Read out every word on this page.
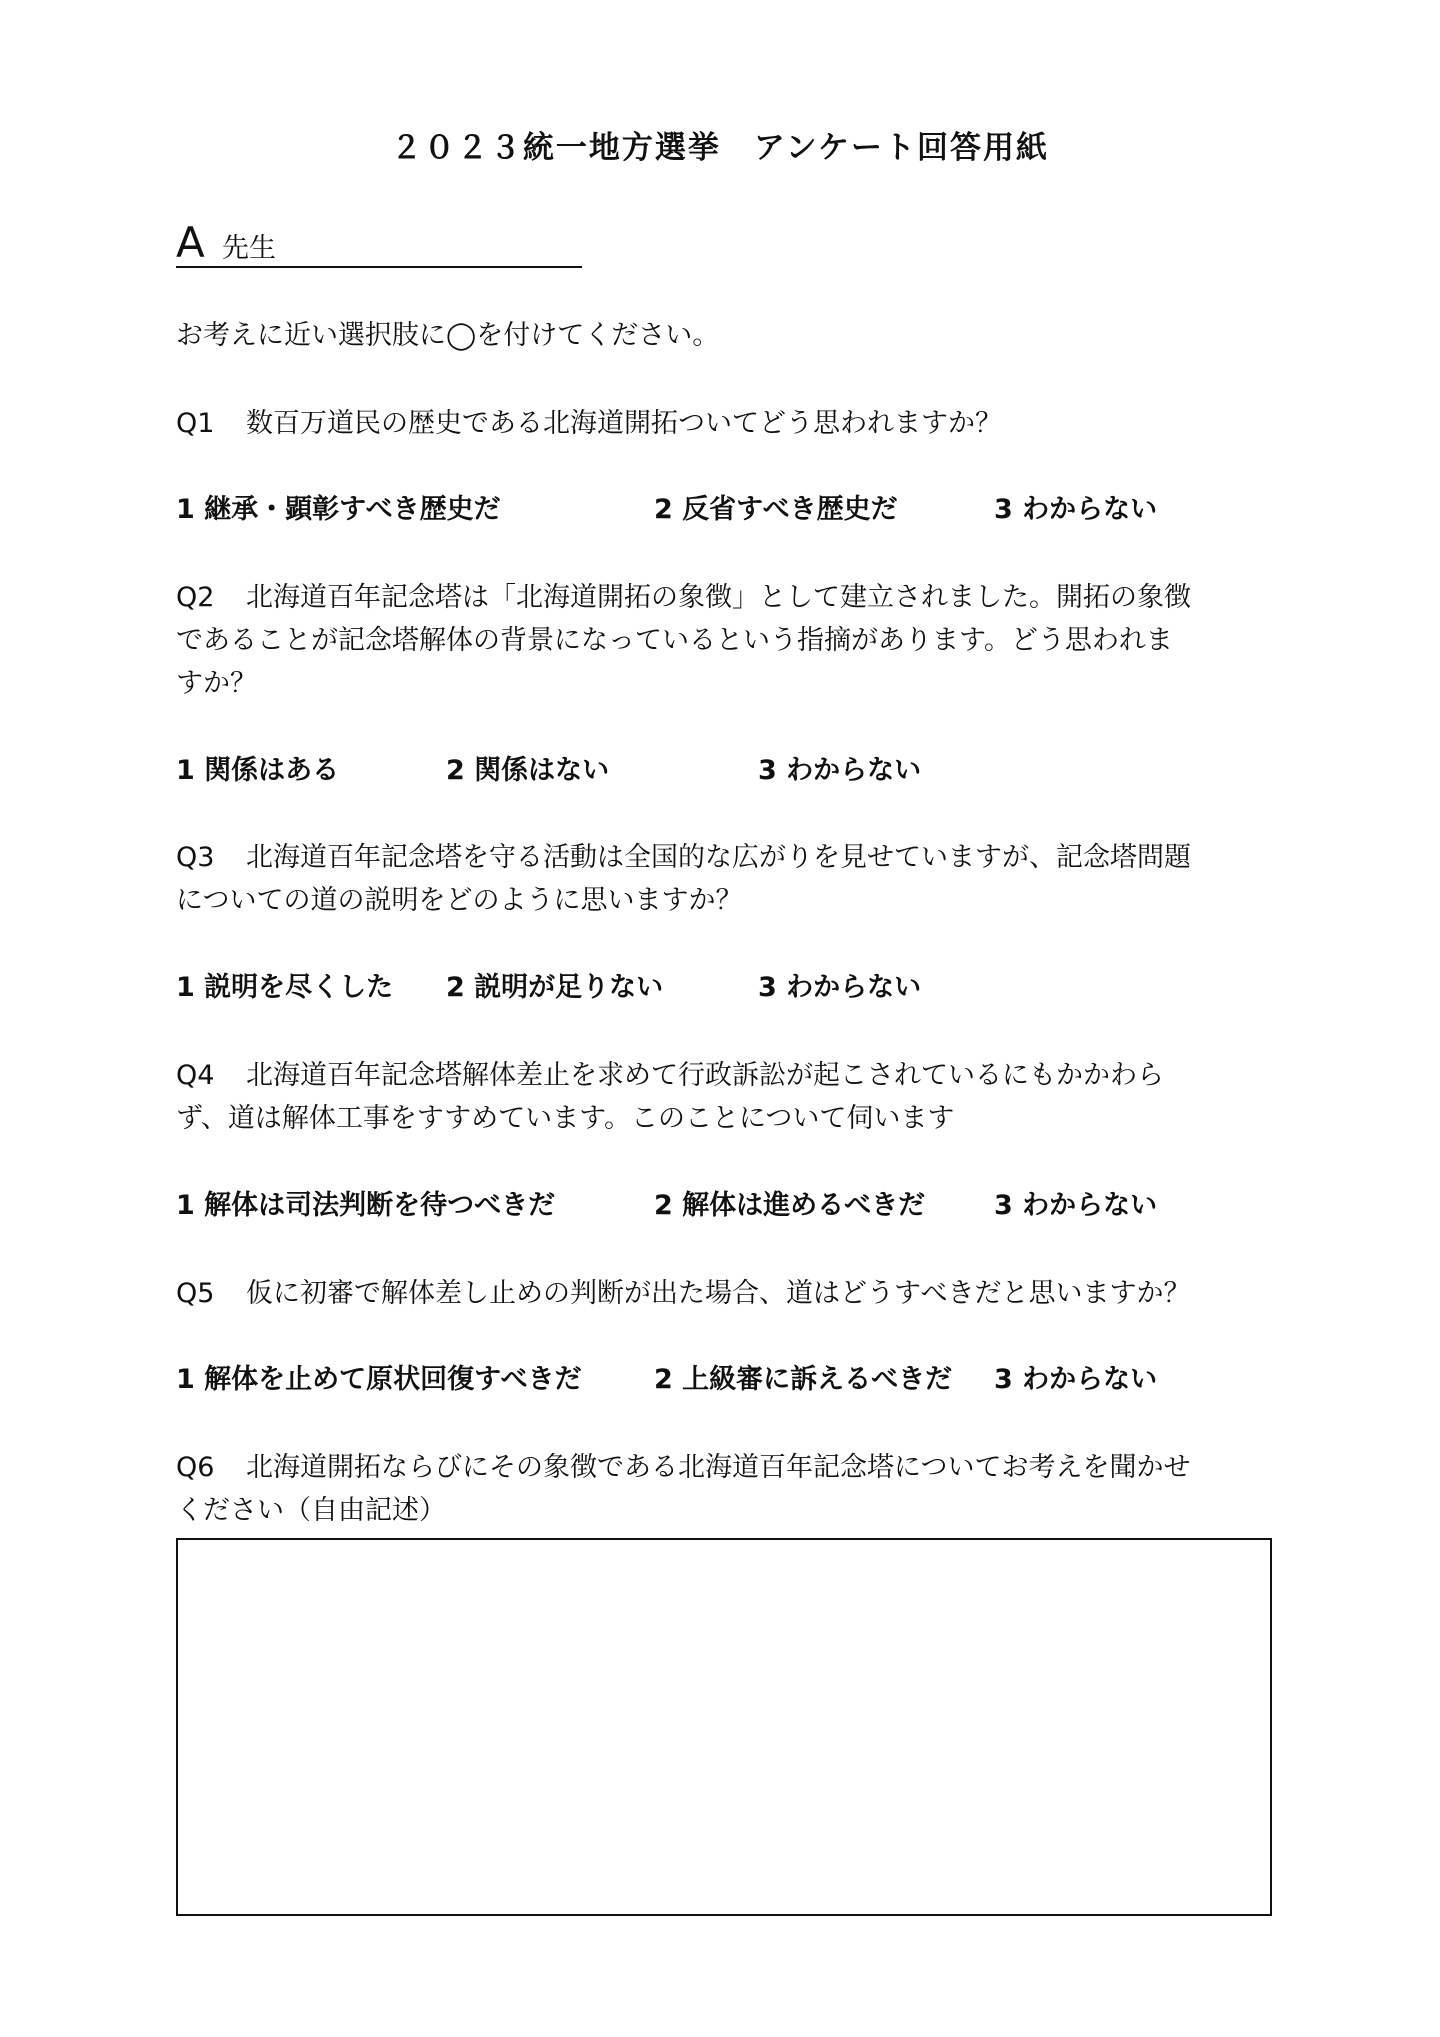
２０２３統一地方選挙　アンケート回答用紙
A 先生
お考えに近い選択肢に◯を付けてください。
Q1 数百万道民の歴史である北海道開拓ついてどう思われますか？
1 継承・顕彰すべき歴史だ	2 反省すべき歴史だ	3 わからない
Q2 北海道百年記念塔は「北海道開拓の象徴」として建立されました。開拓の象徴
であることが記念塔解体の背景になっているという指摘があります。どう思われま
すか？
1 関係はある	2 関係はない	3 わからない
Q3 北海道百年記念塔を守る活動は全国的な広がりを見せていますが、記念塔問題
についての道の説明をどのように思いますか？
1 説明を尽くした 2 説明が足りない	3 わからない
Q4 北海道百年記念塔解体差止を求めて行政訴訟が起こされているにもかかわら
ず、道は解体工事をすすめています。このことについて伺います
1 解体は司法判断を待つべきだ	2 解体は進めるべきだ	3 わからない
Q5 仮に初審で解体差し止めの判断が出た場合、道はどうすべきだと思いますか？
1 解体を止めて原状回復すべきだ	2 上級審に訴えるべきだ 3 わからない
Q6 北海道開拓ならびにその象徴である北海道百年記念塔についてお考えを聞かせ
ください（自由記述）
